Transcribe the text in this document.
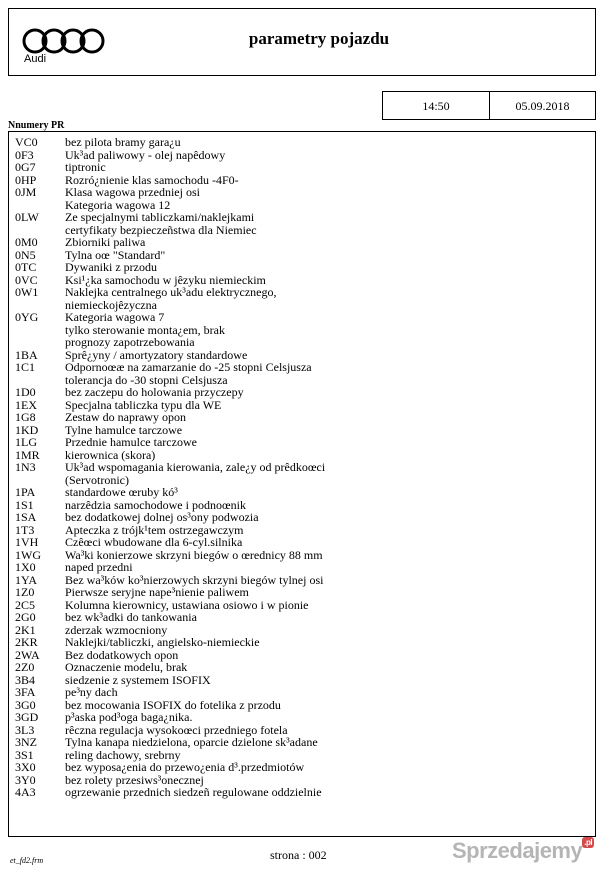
Audi
parametry pojazdu
14:50	05.09.2018
Nnumery PR
VC0	bez pilota bramy gara¿u
0F3	Uk³ad paliwowy - olej napêdowy
0G7	tiptronic
0HP	Rozró¿nienie klas samochodu -4F0-
0JM	Klasa wagowa przedniej osi
Kategoria wagowa 12
0LW	Ze specjalnymi tabliczkami/naklejkami
certyfikaty bezpieczeñstwa dla Niemiec
0M0	Zbiorniki paliwa
0N5	Tylna oœ "Standard"
0TC	Dywaniki z przodu
0VC	Ksi¹¿ka samochodu w jêzyku niemieckim
0W1	Naklejka centralnego uk³adu elektrycznego,
niemieckojêzyczna
0YG	Kategoria wagowa 7
tylko sterowanie monta¿em, brak
prognozy zapotrzebowania
1BA	Sprê¿yny / amortyzatory standardowe
1C1	Odpornoœæ na zamarzanie do -25 stopni Celsjusza
tolerancja do -30 stopni Celsjusza
1D0	bez zaczepu do holowania przyczepy
1EX	Specjalna tabliczka typu dla WE
1G8	Zestaw do naprawy opon
1KD	Tylne hamulce tarczowe
1LG	Przednie hamulce tarczowe
1MR	kierownica (skora)
1N3	Uk³ad wspomagania kierowania, zale¿y od prêdkoœci
(Servotronic)
1PA	standardowe œruby kó³
1S1	narzêdzia samochodowe i podnoœnik
1SA	bez dodatkowej dolnej os³ony podwozia
1T3	Apteczka z trójk¹tem ostrzegawczym
1VH	Czêœci wbudowane dla 6-cyl.silnika
1WG	Wa³ki konierzowe skrzyni biegów o œrednicy 88 mm
1X0	naped przedni
1YA	Bez wa³ków ko³nierzowych skrzyni biegów tylnej osi
1Z0	Pierwsze seryjne nape³nienie paliwem
2C5	Kolumna kierownicy, ustawiana osiowo i w pionie
2G0	bez wk³adki do tankowania
2K1	zderzak wzmocniony
2KR	Naklejki/tabliczki, angielsko-niemieckie
2WA	Bez dodatkowych opon
2Z0	Oznaczenie modelu, brak
3B4	siedzenie z systemem ISOFIX
3FA	pe³ny dach
3G0	bez mocowania ISOFIX do fotelika z przodu
3GD	p³aska pod³oga baga¿nika.
3L3	rêczna regulacja wysokoœci przedniego fotela
3NZ	Tylna kanapa niedzielona, oparcie dzielone sk³adane
3S1	reling dachowy, srebrny
3X0	bez wyposa¿enia do przewo¿enia d³.przedmiotów
3Y0	bez rolety przesiws³onecznej
4A3	ogrzewanie przednich siedzeñ regulowane oddzielnie
et_fd2.frm	strona : 002	Sprzedajemy $^{.pl}$
